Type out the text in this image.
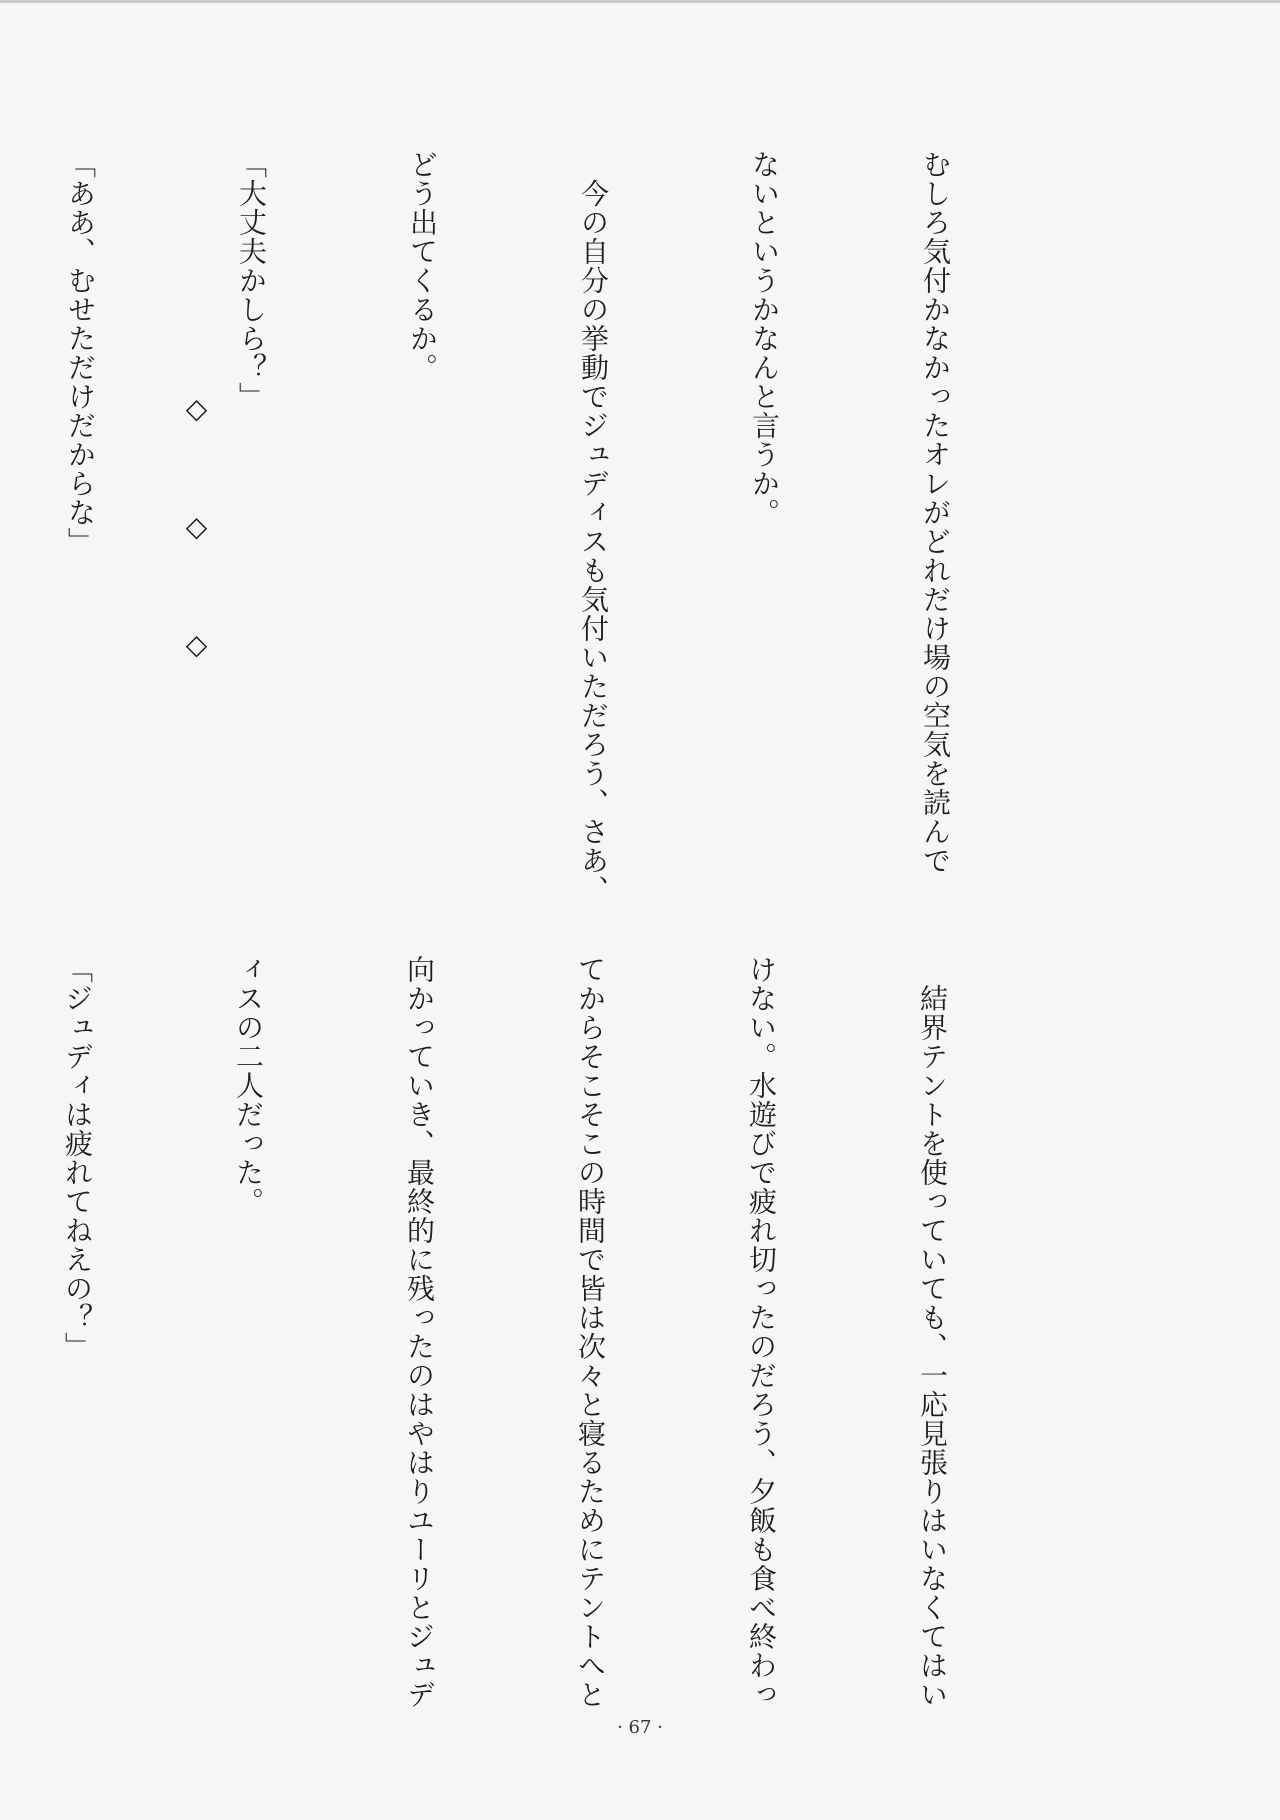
むしろ気付かなかったオレがどれだけ場の空気を読んで

ないというかなんと言うか。

　今の自分の挙動でジュディスも気付いただろう、さあ、

どう出てくるか。

「大丈夫かしら？」

「ああ、むせただけだからな」

	◇ ◇ ◇

　結界テントを使っていても、一応見張りはいなくてはい

けない。水遊びで疲れ切ったのだろう、夕飯も食べ終わっ

てからそこそこの時間で皆は次々と寝るためにテントへと

向かっていき、最終的に残ったのはやはりユーリとジュデ

ィスの二人だった。

「ジュディは疲れてねえの？」

· 67 ·
